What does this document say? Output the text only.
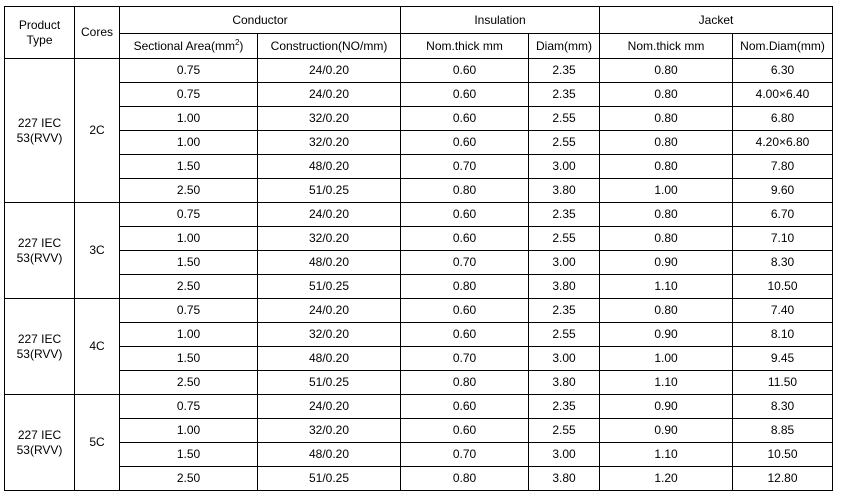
Product Type	Cores	Conductor		Insulation		Jacket	
		Sectional $Area(mm^2)$	Construction(NO/mm)	Nom.thick mm	Diam(mm)	Nom.thick mm	Nom.Diam(mm)
227 IEC 53(RVV)	2C	0.75	24/0.20	0.60	2.35	0.80	6.30
		0.75	24/0.20	0.60	2.35	0.80	4.00×6.40
		1.00	32/0.20	0.60	2.55	0.80	6.80
		1.00	32/0.20	0.60	2.55	0.80	4.20×6.80
		1.50	48/0.20	0.70	3.00	0.80	7.80
		2.50	51/0.25	0.80	3.80	1.00	9.60
227 IEC 53(RVV)	3C	0.75	24/0.20	0.60	2.35	0.80	6.70
		1.00	32/0.20	0.60	2.55	0.80	7.10
		1.50	48/0.20	0.70	3.00	0.90	8.30
		2.50	51/0.25	0.80	3.80	1.10	10.50
227 IEC 53(RVV)	4C	0.75	24/0.20	0.60	2.35	0.80	7.40
		1.00	32/0.20	0.60	2.55	0.90	8.10
		1.50	48/0.20	0.70	3.00	1.00	9.45
		2.50	51/0.25	0.80	3.80	1.10	11.50
227 IEC 53(RVV)	5C	0.75	24/0.20	0.60	2.35	0.90	8.30
		1.00	32/0.20	0.60	2.55	0.90	8.85
		1.50	48/0.20	0.70	3.00	1.10	10.50
		2.50	51/0.25	0.80	3.80	1.20	12.80
